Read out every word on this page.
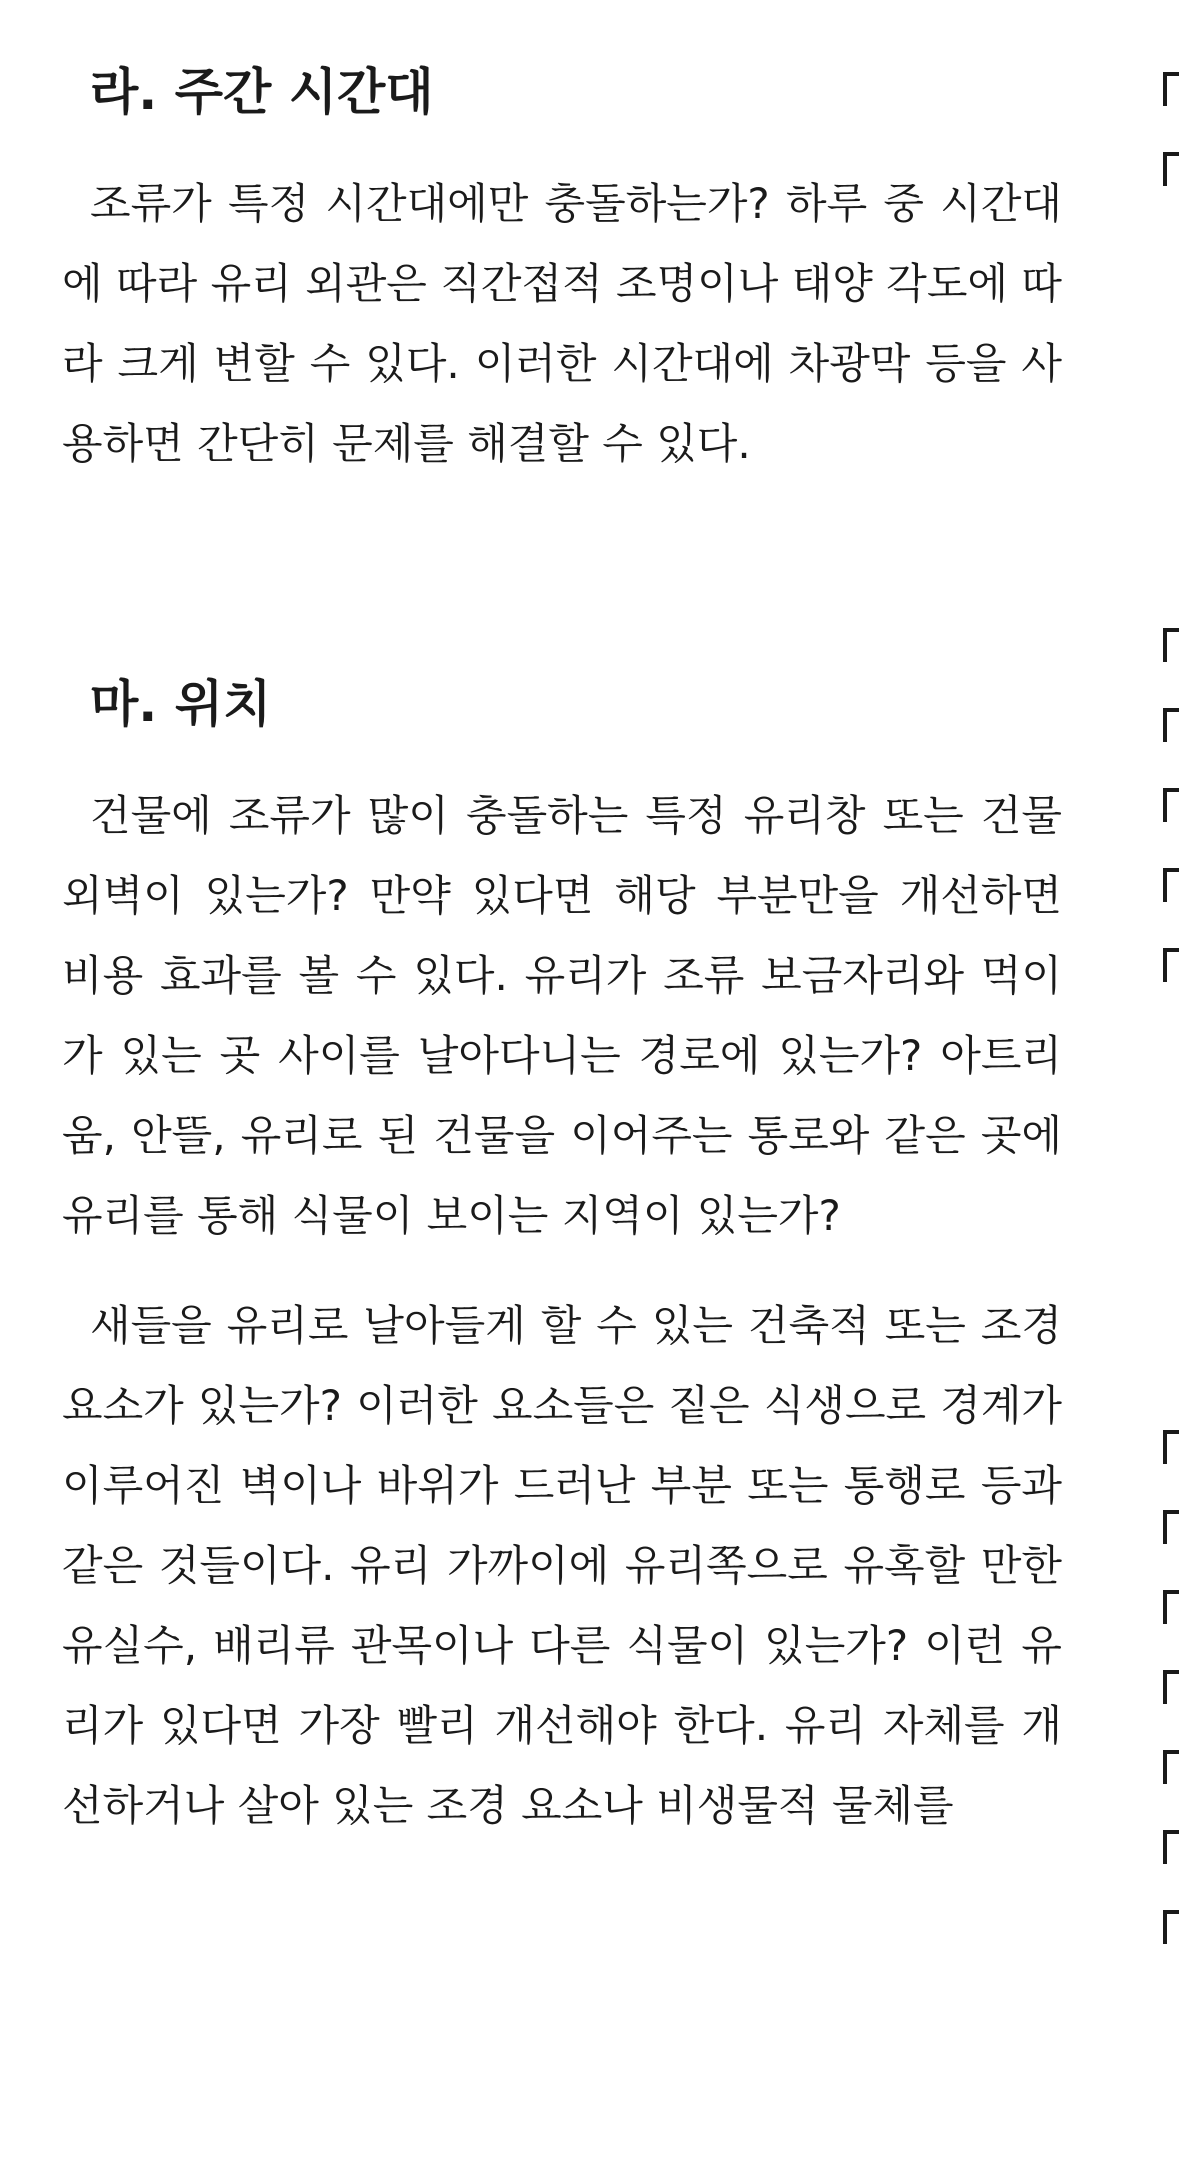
라. 주간 시간대

조류가 특정 시간대에만 충돌하는가? 하루 중 시간대에 따라 유리 외관은 직간접적 조명이나 태양 각도에 따라 크게 변할 수 있다. 이러한 시간대에 차광막 등을 사용하면 간단히 문제를 해결할 수 있다.

마. 위치

건물에 조류가 많이 충돌하는 특정 유리창 또는 건물외벽이 있는가? 만약 있다면 해당 부분만을 개선하면 비용 효과를 볼 수 있다. 유리가 조류 보금자리와 먹이가 있는 곳 사이를 날아다니는 경로에 있는가? 아트리움, 안뜰, 유리로 된 건물을 이어주는 통로와 같은 곳에 유리를 통해 식물이 보이는 지역이 있는가?

새들을 유리로 날아들게 할 수 있는 건축적 또는 조경 요소가 있는가? 이러한 요소들은 짙은 식생으로 경계가 이루어진 벽이나 바위가 드러난 부분 또는 통행로 등과 같은 것들이다. 유리 가까이에 유리쪽으로 유혹할 만한 유실수, 배리류 관목이나 다른 식물이 있는가? 이런 유리가 있다면 가장 빨리 개선해야 한다. 유리 자체를 개선하거나 살아 있는 조경 요소나 비생물적 물체를
